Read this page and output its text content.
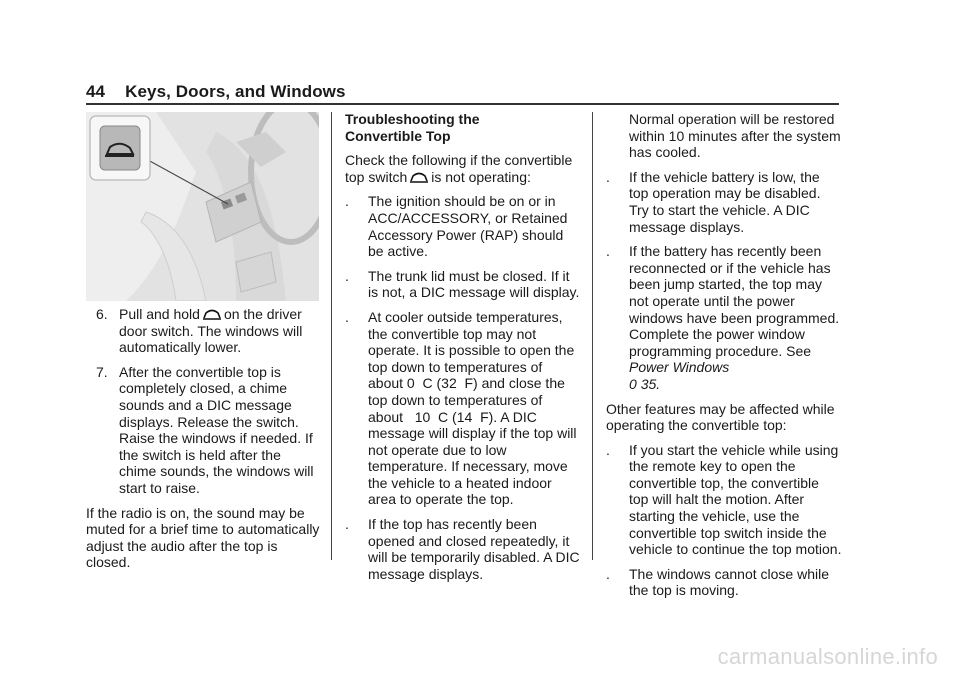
44 Keys, Doors, and Windows
6. Pull and hold on the driver door switch. The windows will automatically lower.
7. After the convertible top is completely closed, a chime sounds and a DIC message displays. Release the switch. Raise the windows if needed. If the switch is held after the chime sounds, the windows will start to raise.

If the radio is on, the sound may be muted for a brief time to automatically adjust the audio after the top is closed.

Troubleshooting the
Convertible Top

Check the following if the convertible top switch is not operating:

. The ignition should be on or in ACC/ACCESSORY, or Retained Accessory Power (RAP) should be active.
. The trunk lid must be closed. If it is not, a DIC message will display.
. At cooler outside temperatures, the convertible top may not operate. It is possible to open the top down to temperatures of about 0  C (32  F) and close the top down to temperatures of about   10  C (14  F). A DIC message will display if the top will not operate due to low temperature. If necessary, move the vehicle to a heated indoor area to operate the top.
. If the top has recently been opened and closed repeatedly, it will be temporarily disabled. A DIC message displays.

Normal operation will be restored within 10 minutes after the system has cooled.

. If the vehicle battery is low, the top operation may be disabled. Try to start the vehicle. A DIC message displays.
. If the battery has recently been reconnected or if the vehicle has been jump started, the top may not operate until the power windows have been programmed. Complete the power window programming procedure. See Power Windows
0 35.

Other features may be affected while operating the convertible top:

. If you start the vehicle while using the remote key to open the convertible top, the convertible top will halt the motion. After starting the vehicle, use the convertible top switch inside the vehicle to continue the top motion.
. The windows cannot close while the top is moving.
carmanualsonline.info
